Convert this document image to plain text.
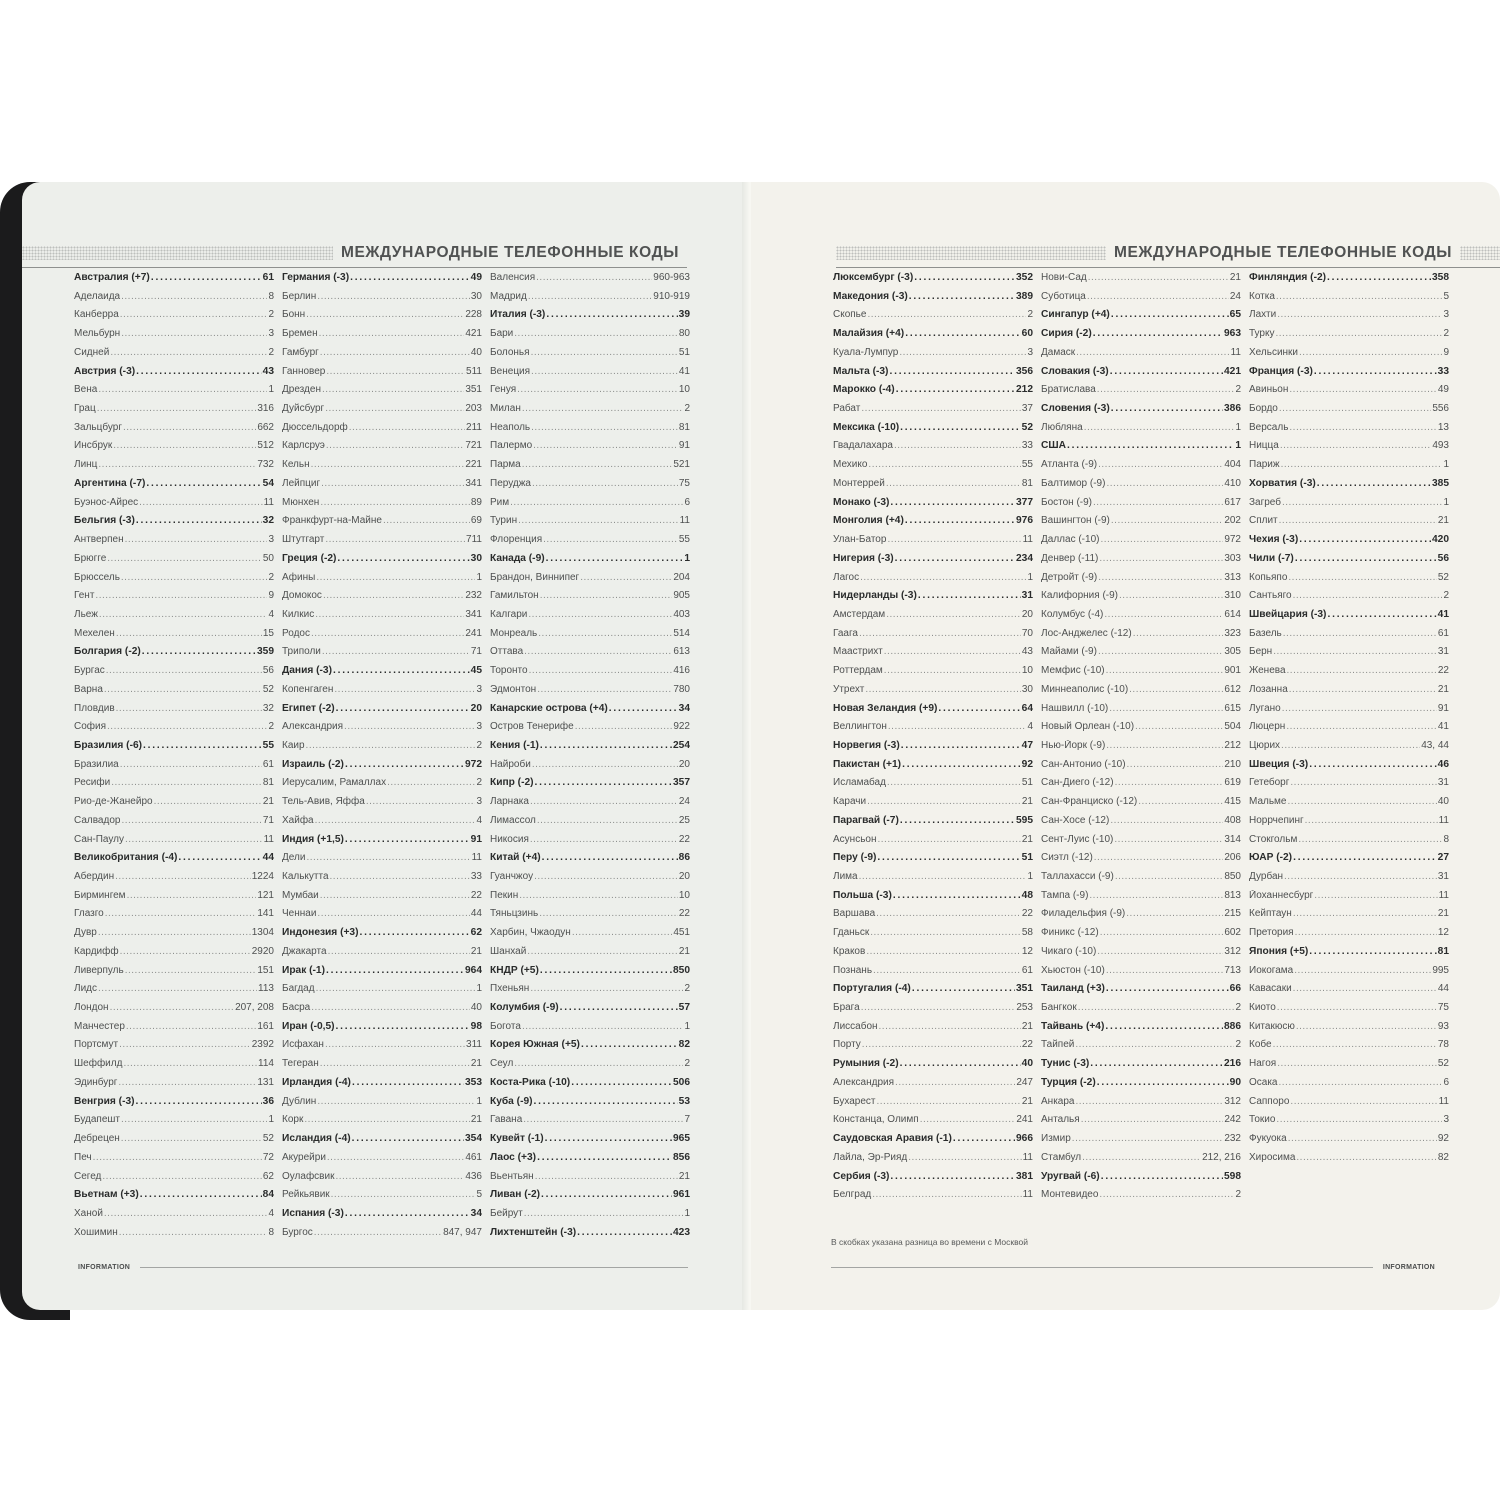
МЕЖДУНАРОДНЫЕ ТЕЛЕФОННЫЕ КОДЫ
Австралия (+7) .....	61
Аделаида .....	8
Канберра .....	2
Мельбурн .....	3
Сидней .....	2
Австрия (-3) .....	43
Вена .....	1
Грац .....	316
Зальцбург .....	662
Инсбрук .....	512
Линц .....	732
Аргентина (-7) .....	54
Буэнос-Айрес .....	11
Бельгия (-3) .....	32
Антверпен .....	3
Брюгге .....	50
Брюссель .....	2
Гент .....	9
Льеж .....	4
Мехелен .....	15
Болгария (-2) .....	359
Бургас .....	56
Варна .....	52
Пловдив .....	32
София .....	2
Бразилия (-6) .....	55
Бразилиа .....	61
Ресифи .....	81
Рио-де-Жанейро .....	21
Салвадор .....	71
Сан-Паулу .....	11
Великобритания (-4) .....	44
Абердин .....	1224
Бирмингем .....	121
Глазго .....	141
Дувр .....	1304
Кардифф .....	2920
Ливерпуль .....	151
Лидс .....	113
Лондон .....	207, 208
Манчестер .....	161
Портсмут .....	2392
Шеффилд .....	114
Эдинбург .....	131
Венгрия (-3) .....	36
Будапешт .....	1
Дебрецен .....	52
Печ .....	72
Сегед .....	62
Вьетнам (+3) .....	84
Ханой .....	4
Хошимин .....	8
Германия (-3) .....	49
Берлин .....	30
Бонн .....	228
Бремен .....	421
Гамбург .....	40
Ганновер .....	511
Дрезден .....	351
Дуйсбург .....	203
Дюссельдорф .....	211
Карлсруэ .....	721
Кельн .....	221
Лейпциг .....	341
Мюнхен .....	89
Франкфурт-на-Майне .....	69
Штутгарт .....	711
Греция (-2) .....	30
Афины .....	1
Домокос .....	232
Килкис .....	341
Родос .....	241
Триполи .....	71
Дания (-3) .....	45
Копенгаген .....	3
Египет (-2) .....	20
Александрия .....	3
Каир .....	2
Израиль (-2) .....	972
Иерусалим, Рамаллах .....	2
Тель-Авив, Яффа .....	3
Хайфа .....	4
Индия (+1,5) .....	91
Дели .....	11
Калькутта .....	33
Мумбаи .....	22
Ченнаи .....	44
Индонезия (+3) .....	62
Джакарта .....	21
Ирак (-1) .....	964
Багдад .....	1
Басра .....	40
Иран (-0,5) .....	98
Исфахан .....	311
Тегеран .....	21
Ирландия (-4) .....	353
Дублин .....	1
Корк .....	21
Исландия (-4) .....	354
Акурейри .....	461
Оулафсвик .....	436
Рейкьявик .....	5
Испания (-3) .....	34
Бургос .....	847, 947
Валенсия .....	960-963
Мадрид .....	910-919
Италия (-3) .....	39
Бари .....	80
Болонья .....	51
Венеция .....	41
Генуя .....	10
Милан .....	2
Неаполь .....	81
Палермо .....	91
Парма .....	521
Перуджа .....	75
Рим .....	6
Турин .....	11
Флоренция .....	55
Канада (-9) .....	1
Брандон, Виннипег .....	204
Гамильтон .....	905
Калгари .....	403
Монреаль .....	514
Оттава .....	613
Торонто .....	416
Эдмонтон .....	780
Канарские острова (+4) .....	34
Остров Тенерифе .....	922
Кения (-1) .....	254
Найроби .....	20
Кипр (-2) .....	357
Ларнака .....	24
Лимассол .....	25
Никосия .....	22
Китай (+4) .....	86
Гуанчжоу .....	20
Пекин .....	10
Тяньцзинь .....	22
Харбин, Чжаодун .....	451
Шанхай .....	21
КНДР (+5) .....	850
Пхеньян .....	2
Колумбия (-9) .....	57
Богота .....	1
Корея Южная (+5) .....	82
Сеул .....	2
Коста-Рика (-10) .....	506
Куба (-9) .....	53
Гавана .....	7
Кувейт (-1) .....	965
Лаос (+3) .....	856
Вьентьян .....	21
Ливан (-2) .....	961
Бейрут .....	1
Лихтенштейн (-3) .....	423
INFORMATION
МЕЖДУНАРОДНЫЕ ТЕЛЕФОННЫЕ КОДЫ
Люксембург (-3) .....	352
Македония (-3) .....	389
Скопье .....	2
Малайзия (+4) .....	60
Куала-Лумпур .....	3
Мальта (-3) .....	356
Марокко (-4) .....	212
Рабат .....	37
Мексика (-10) .....	52
Гвадалахара .....	33
Мехико .....	55
Монтеррей .....	81
Монако (-3) .....	377
Монголия (+4) .....	976
Улан-Батор .....	11
Нигерия (-3) .....	234
Лагос .....	1
Нидерланды (-3) .....	31
Амстердам .....	20
Гаага .....	70
Маастрихт .....	43
Роттердам .....	10
Утрехт .....	30
Новая Зеландия (+9) .....	64
Веллингтон .....	4
Норвегия (-3) .....	47
Пакистан (+1) .....	92
Исламабад .....	51
Карачи .....	21
Парагвай (-7) .....	595
Асунсьон .....	21
Перу (-9) .....	51
Лима .....	1
Польша (-3) .....	48
Варшава .....	22
Гданьск .....	58
Краков .....	12
Познань .....	61
Португалия (-4) .....	351
Брага .....	253
Лиссабон .....	21
Порту .....	22
Румыния (-2) .....	40
Александрия .....	247
Бухарест .....	21
Констанца, Олимп .....	241
Саудовская Аравия (-1) .....	966
Лайла, Эр-Рияд .....	11
Сербия (-3) .....	381
Белград .....	11
Нови-Сад .....	21
Суботица .....	24
Сингапур (+4) .....	65
Сирия (-2) .....	963
Дамаск .....	11
Словакия (-3) .....	421
Братислава .....	2
Словения (-3) .....	386
Любляна .....	1
США .....	1
Атланта (-9) .....	404
Балтимор (-9) .....	410
Бостон (-9) .....	617
Вашингтон (-9) .....	202
Даллас (-10) .....	972
Денвер (-11) .....	303
Детройт (-9) .....	313
Калифорния (-9) .....	310
Колумбус (-4) .....	614
Лос-Анджелес (-12) .....	323
Майами (-9) .....	305
Мемфис (-10) .....	901
Миннеаполис (-10) .....	612
Нашвилл (-10) .....	615
Новый Орлеан (-10) .....	504
Нью-Йорк (-9) .....	212
Сан-Антонио (-10) .....	210
Сан-Диего (-12) .....	619
Сан-Франциско (-12) .....	415
Сан-Хосе (-12) .....	408
Сент-Луис (-10) .....	314
Сиэтл (-12) .....	206
Таллахасси (-9) .....	850
Тампа (-9) .....	813
Филадельфия (-9) .....	215
Финикс (-12) .....	602
Чикаго (-10) .....	312
Хьюстон (-10) .....	713
Таиланд (+3) .....	66
Бангкок .....	2
Тайвань (+4) .....	886
Тайпей .....	2
Тунис (-3) .....	216
Турция (-2) .....	90
Анкара .....	312
Анталья .....	242
Измир .....	232
Стамбул .....	212, 216
Уругвай (-6) .....	598
Монтевидео .....	2
Финляндия (-2) .....	358
Котка .....	5
Лахти .....	3
Турку .....	2
Хельсинки .....	9
Франция (-3) .....	33
Авиньон .....	49
Бордо .....	556
Версаль .....	13
Ницца .....	493
Париж .....	1
Хорватия (-3) .....	385
Загреб .....	1
Сплит .....	21
Чехия (-3) .....	420
Чили (-7) .....	56
Копьяпо .....	52
Сантьяго .....	2
Швейцария (-3) .....	41
Базель .....	61
Берн .....	31
Женева .....	22
Лозанна .....	21
Лугано .....	91
Люцерн .....	41
Цюрих .....	43, 44
Швеция (-3) .....	46
Гетеборг .....	31
Мальме .....	40
Норрчепинг .....	11
Стокгольм .....	8
ЮАР (-2) .....	27
Дурбан .....	31
Йоханнесбург .....	11
Кейптаун .....	21
Претория .....	12
Япония (+5) .....	81
Иокогама .....	995
Кавасаки .....	44
Киото .....	75
Китакюсю .....	93
Кобе .....	78
Нагоя .....	52
Осака .....	6
Саппоро .....	11
Токио .....	3
Фукуока .....	92
Хиросима .....	82
В скобках указана разница во времени с Москвой
INFORMATION
